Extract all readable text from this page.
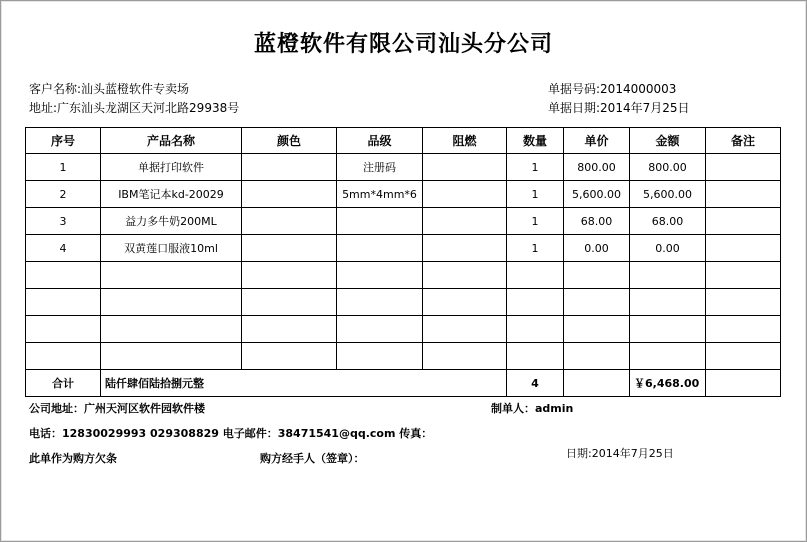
蓝橙软件有限公司汕头分公司
客户名称:汕头蓝橙软件专卖场
地址:广东汕头龙湖区天河北路29938号
单据号码:2014000003
单据日期:2014年7月25日
序号	产品名称	颜色	品级	阻燃	数量	单价	金额	备注
1	单据打印软件		注册码		1	800.00	800.00	
2	IBM笔记本kd-20029		5mm*4mm*6		1	5,600.00	5,600.00	
3	益力多牛奶200ML				1	68.00	68.00	
4	双黄莲口服液10ml				1	0.00	0.00	

合计	陆仟肆佰陆拾捌元整				4		￥6,468.00	
公司地址：广州天河区软件园软件楼	制单人：admin
电话：12830029993 029308829 电子邮件：38471541@qq.com 传真：
此单作为购方欠条	购方经手人（签章）：	日期:2014年7月25日
